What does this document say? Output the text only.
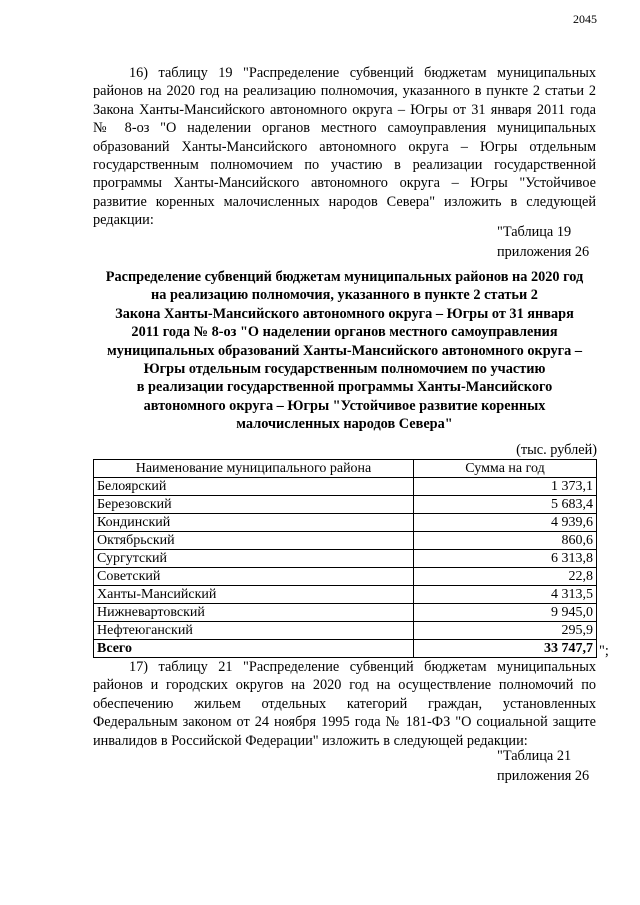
2045

16) таблицу 19 "Распределение субвенций бюджетам муниципальных районов на 2020 год на реализацию полномочия, указанного в пункте 2 статьи 2 Закона Ханты-Мансийского автономного округа – Югры от 31 января 2011 года № 8-оз "О наделении органов местного самоуправления муниципальных образований Ханты-Мансийского автономного округа – Югры отдельным государственным полномочием по участию в реализации государственной программы Ханты-Мансийского автономного округа – Югры "Устойчивое развитие коренных малочисленных народов Севера" изложить в следующей редакции:

"Таблица 19
приложения 26
Распределение субвенций бюджетам муниципальных районов на 2020 год
на реализацию полномочия, указанного в пункте 2 статьи 2
Закона Ханты-Мансийского автономного округа – Югры от 31 января
2011 года № 8-оз "О наделении органов местного самоуправления
муниципальных образований Ханты-Мансийского автономного округа –
Югры отдельным государственным полномочием по участию
в реализации государственной программы Ханты-Мансийского
автономного округа – Югры "Устойчивое развитие коренных
малочисленных народов Севера"
(тыс. рублей)
Наименование муниципального района	Сумма на год
Белоярский	1 373,1
Березовский	5 683,4
Кондинский	4 939,6
Октябрьский	860,6
Сургутский	6 313,8
Советский	22,8
Ханты-Мансийский	4 313,5
Нижневартовский	9 945,0
Нефтеюганский	295,9
Всего	33 747,7 ";

17) таблицу 21 "Распределение субвенций бюджетам муниципальных районов и городских округов на 2020 год на осуществление полномочий по обеспечению жильем отдельных категорий граждан, установленных Федеральным законом от 24 ноября 1995 года № 181-ФЗ "О социальной защите инвалидов в Российской Федерации" изложить в следующей редакции:

"Таблица 21
приложения 26
